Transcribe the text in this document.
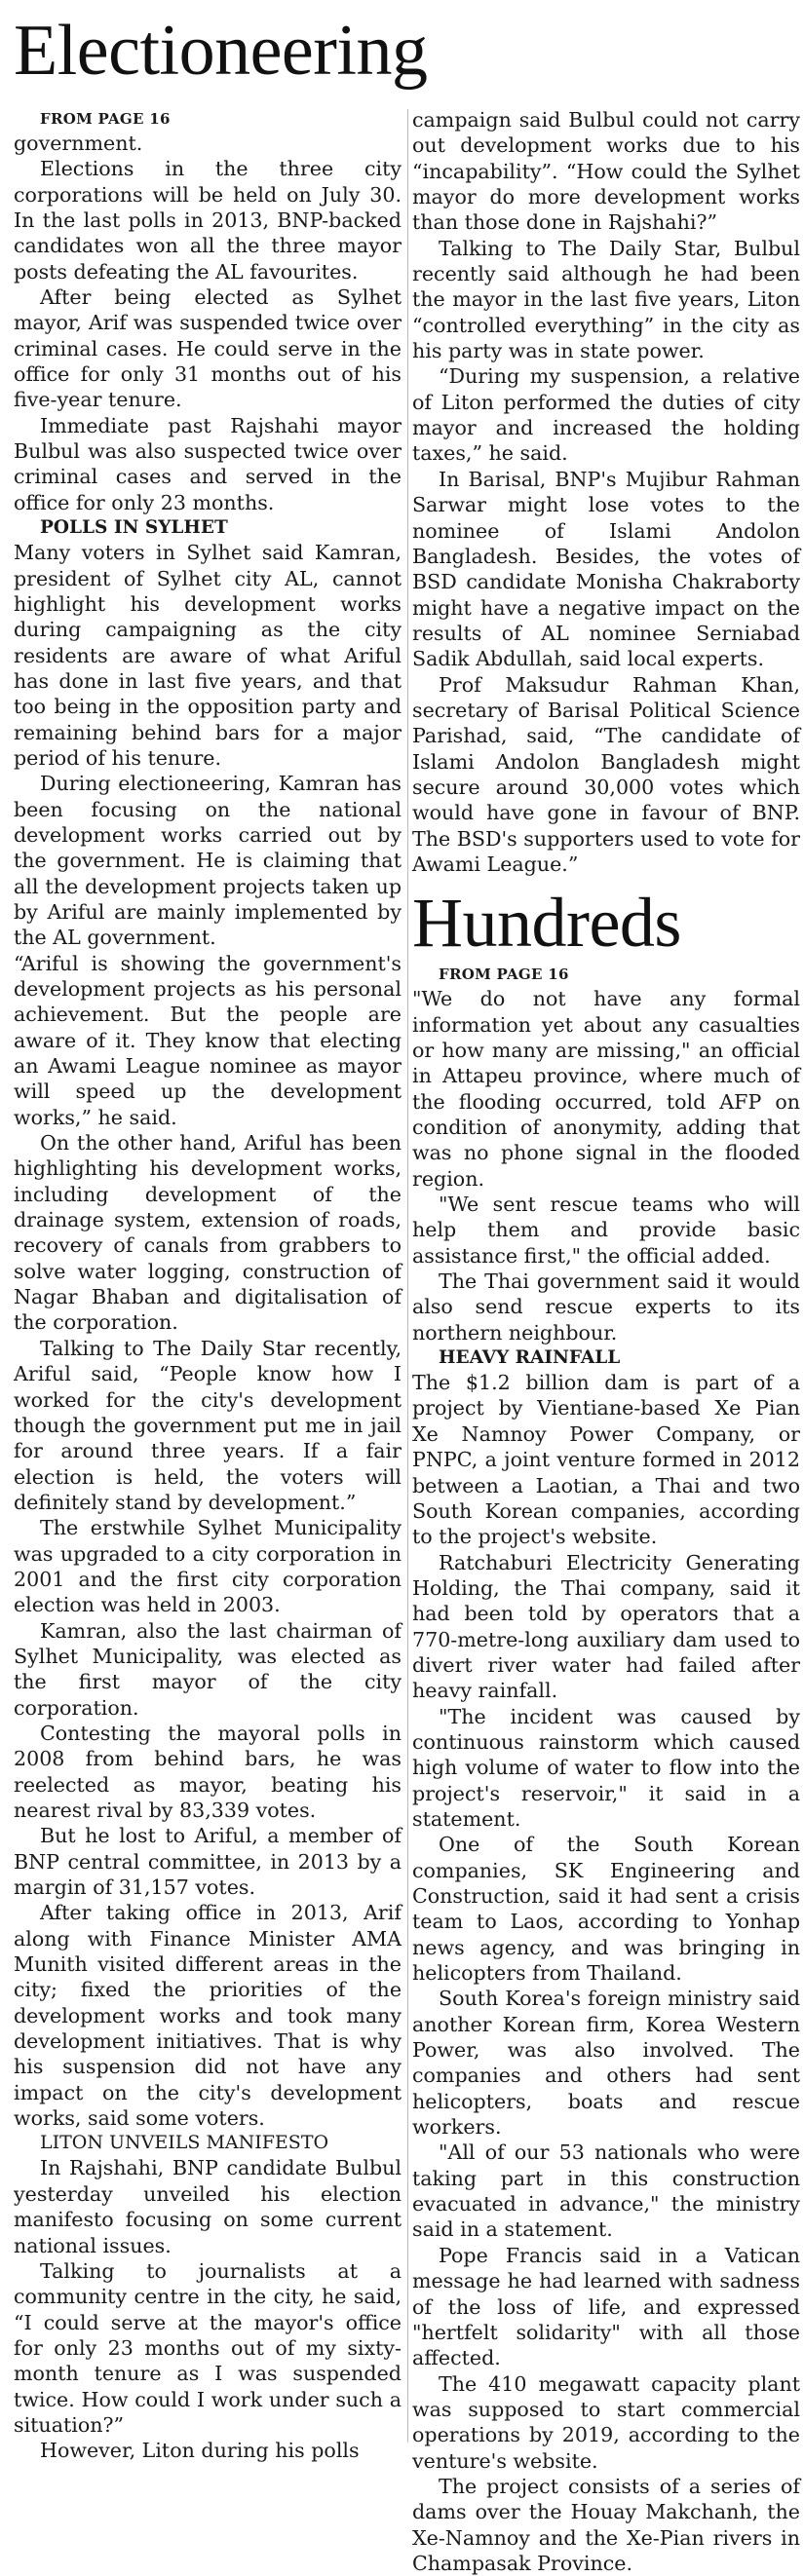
Electioneering

FROM PAGE 16

government.

Elections in the three city corporations will be held on July 30. In the last polls in 2013, BNP-backed candidates won all the three mayor posts defeating the AL favourites.

After being elected as Sylhet mayor, Arif was suspended twice over criminal cases. He could serve in the office for only 31 months out of his five-year tenure.

Immediate past Rajshahi mayor Bulbul was also suspected twice over criminal cases and served in the office for only 23 months.

POLLS IN SYLHET

Many voters in Sylhet said Kamran, president of Sylhet city AL, cannot highlight his development works during campaigning as the city residents are aware of what Ariful has done in last five years, and that too being in the opposition party and remaining behind bars for a major period of his tenure.

During electioneering, Kamran has been focusing on the national development works carried out by the government. He is claiming that all the development projects taken up by Ariful are mainly implemented by the AL government.

“Ariful is showing the government's development projects as his personal achievement. But the people are aware of it. They know that electing an Awami League nominee as mayor will speed up the development works,” he said.

On the other hand, Ariful has been highlighting his development works, including development of the drainage system, extension of roads, recovery of canals from grabbers to solve water logging, construction of Nagar Bhaban and digitalisation of the corporation.

Talking to The Daily Star recently, Ariful said, “People know how I worked for the city's development though the government put me in jail for around three years. If a fair election is held, the voters will definitely stand by development.”

The erstwhile Sylhet Municipality was upgraded to a city corporation in 2001 and the first city corporation election was held in 2003.

Kamran, also the last chairman of Sylhet Municipality, was elected as the first mayor of the city corporation.

Contesting the mayoral polls in 2008 from behind bars, he was reelected as mayor, beating his nearest rival by 83,339 votes.

But he lost to Ariful, a member of BNP central committee, in 2013 by a margin of 31,157 votes.

After taking office in 2013, Arif along with Finance Minister AMA Munith visited different areas in the city; fixed the priorities of the development works and took many development initiatives. That is why his suspension did not have any impact on the city's development works, said some voters.

LITON UNVEILS MANIFESTO

In Rajshahi, BNP candidate Bulbul yesterday unveiled his election manifesto focusing on some current national issues.

Talking to journalists at a community centre in the city, he said, “I could serve at the mayor's office for only 23 months out of my sixty-month tenure as I was suspended twice. How could I work under such a situation?”

However, Liton during his polls

campaign said Bulbul could not carry out development works due to his “incapability”. “How could the Sylhet mayor do more development works than those done in Rajshahi?”

Talking to The Daily Star, Bulbul recently said although he had been the mayor in the last five years, Liton “controlled everything” in the city as his party was in state power.

“During my suspension, a relative of Liton performed the duties of city mayor and increased the holding taxes,” he said.

In Barisal, BNP's Mujibur Rahman Sarwar might lose votes to the nominee of Islami Andolon Bangladesh. Besides, the votes of BSD candidate Monisha Chakraborty might have a negative impact on the results of AL nominee Serniabad Sadik Abdullah, said local experts.

Prof Maksudur Rahman Khan, secretary of Barisal Political Science Parishad, said, “The candidate of Islami Andolon Bangladesh might secure around 30,000 votes which would have gone in favour of BNP. The BSD's supporters used to vote for Awami League.”

Hundreds

FROM PAGE 16

"We do not have any formal information yet about any casualties or how many are missing," an official in Attapeu province, where much of the flooding occurred, told AFP on condition of anonymity, adding that was no phone signal in the flooded region.

"We sent rescue teams who will help them and provide basic assistance first," the official added.

The Thai government said it would also send rescue experts to its northern neighbour.

HEAVY RAINFALL

The $1.2 billion dam is part of a project by Vientiane-based Xe Pian Xe Namnoy Power Company, or PNPC, a joint venture formed in 2012 between a Laotian, a Thai and two South Korean companies, according to the project's website.

Ratchaburi Electricity Generating Holding, the Thai company, said it had been told by operators that a 770-metre-long auxiliary dam used to divert river water had failed after heavy rainfall.

"The incident was caused by continuous rainstorm which caused high volume of water to flow into the project's reservoir," it said in a statement.

One of the South Korean companies, SK Engineering and Construction, said it had sent a crisis team to Laos, according to Yonhap news agency, and was bringing in helicopters from Thailand.

South Korea's foreign ministry said another Korean firm, Korea Western Power, was also involved. The companies and others had sent helicopters, boats and rescue workers.

"All of our 53 nationals who were taking part in this construction evacuated in advance," the ministry said in a statement.

Pope Francis said in a Vatican message he had learned with sadness of the loss of life, and expressed "hertfelt solidarity" with all those affected.

The 410 megawatt capacity plant was supposed to start commercial operations by 2019, according to the venture's website.

The project consists of a series of dams over the Houay Makchanh, the Xe-Namnoy and the Xe-Pian rivers in Champasak Province.
